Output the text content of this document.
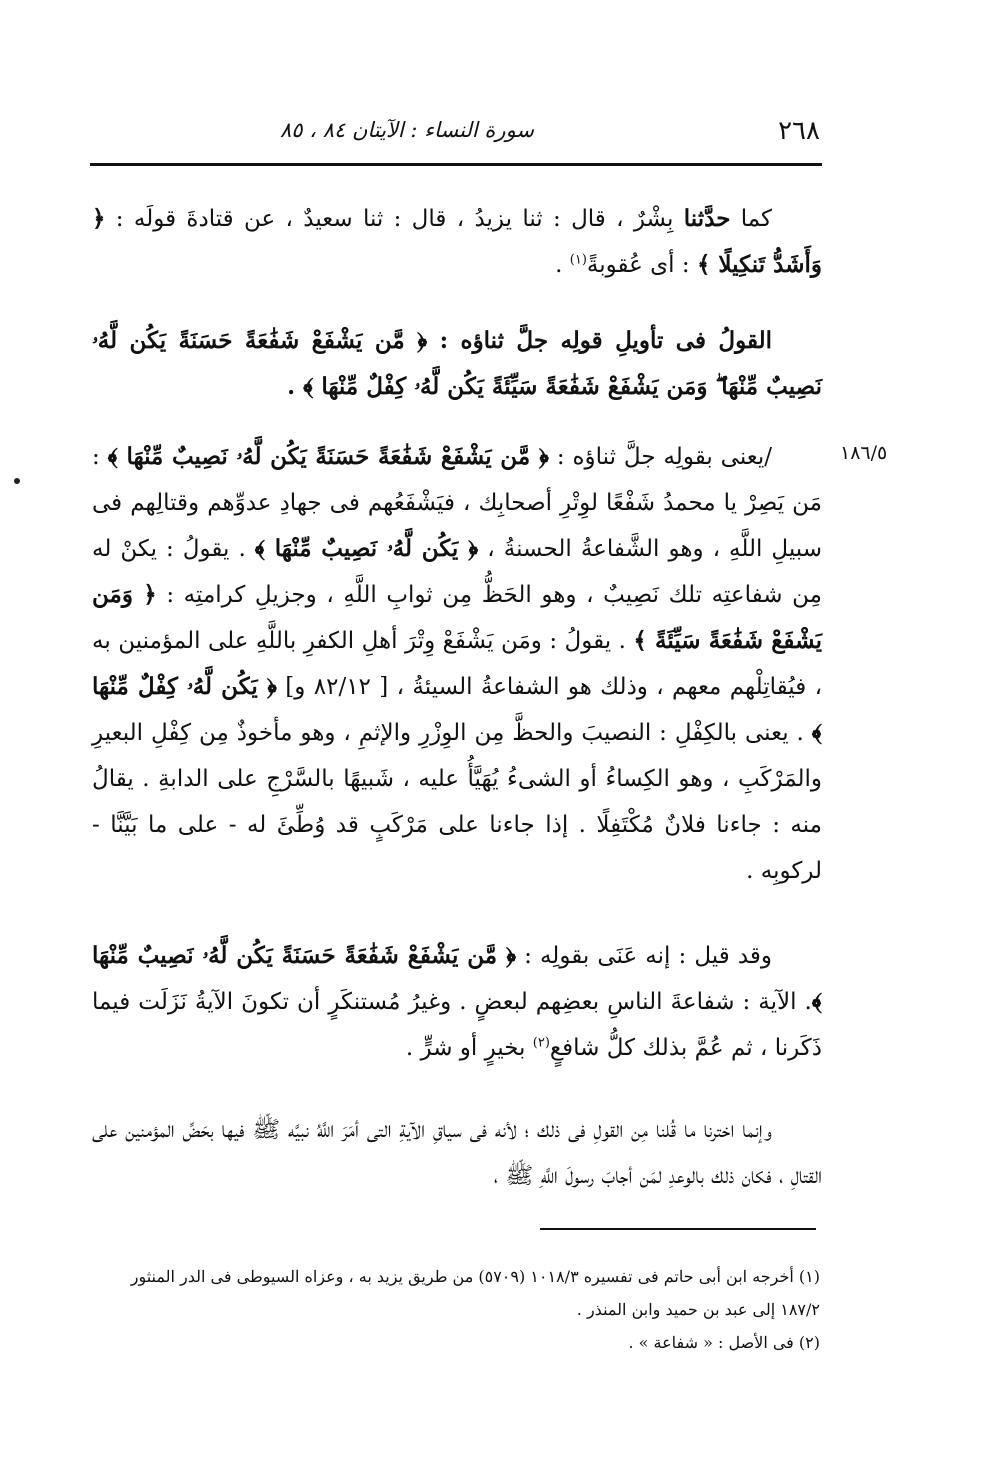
٢٦٨
سورة النساء : الآيتان ٨٤ ، ٨٥
١٨٦/٥

كما حدَّثنا بِشْرٌ ، قال : ثنا يزيدُ ، قال : ثنا سعيدٌ ، عن قتادةَ قولَه : ﴿ وَأَشَدُّ تَنكِيلًا ﴾ : أى عُقوبةً$^{(١)}$ .

القولُ فى تأويلِ قولِه جلَّ ثناؤه : ﴿ مَّن يَشْفَعْ شَفَٰعَةً حَسَنَةً يَكُن لَّهُۥ نَصِيبٌ مِّنْهَا ۖ وَمَن يَشْفَعْ شَفَٰعَةً سَيِّئَةً يَكُن لَّهُۥ كِفْلٌ مِّنْهَا ﴾ .

/يعنى بقولِه جلَّ ثناؤه : ﴿ مَّن يَشْفَعْ شَفَٰعَةً حَسَنَةً يَكُن لَّهُۥ نَصِيبٌ مِّنْهَا ﴾ : مَن يَصِرْ يا محمدُ شَفْعًا لوِتْرِ أصحابِك ، فيَشْفَعُهم فى جهادِ عدوِّهم وقتالِهم فى سبيلِ اللَّهِ ، وهو الشَّفاعةُ الحسنةُ ، ﴿ يَكُن لَّهُۥ نَصِيبٌ مِّنْهَا ﴾ . يقولُ : يكنْ له مِن شفاعتِه تلك نَصِيبٌ ، وهو الحَظُّ مِن ثوابِ اللَّهِ ، وجزيلِ كرامتِه : ﴿ وَمَن يَشْفَعْ شَفَٰعَةً سَيِّئَةً ﴾ . يقولُ : ومَن يَشْفَعْ وِتْرَ أهلِ الكفرِ باللَّهِ على المؤمنين به ، فيُقاتِلْهم معهم ، وذلك هو الشفاعةُ السيئةُ ، [ ٨٢/١٢ و] ﴿ يَكُن لَّهُۥ كِفْلٌ مِّنْهَا ﴾ . يعنى بالكِفْلِ : النصيبَ والحظَّ مِن الوِزْرِ والإثمِ ، وهو مأخوذٌ مِن كِفْلِ البعيرِ والمَرْكَبِ ، وهو الكِساءُ أو الشىءُ يُهَيَّأُ عليه ، شَبيهًا بالسَّرْجِ على الدابةِ . يقالُ منه : جاءنا فلانٌ مُكْتَفِلًا . إذا جاءنا على مَرْكَبٍ قد وُطِّئَ له - على ما بَيَّنَّا - لركوبِه .

وقد قيل : إنه عَنَى بقولِه : ﴿ مَّن يَشْفَعْ شَفَٰعَةً حَسَنَةً يَكُن لَّهُۥ نَصِيبٌ مِّنْهَا ﴾. الآية : شفاعةَ الناسِ بعضِهم لبعضٍ . وغيرُ مُستنكَرٍ أن تكونَ الآيةُ نَزَلَت فيما ذَكَرنا ، ثم عُمَّ بذلك كلُّ شافعٍ$^{(٢)}$ بخيرٍ أو شرٍّ .

وإنما اخترنا ما قُلنا مِن القولِ فى ذلك ؛ لأنه فى سياقِ الآيةِ التى أمَرَ اللَّهُ نبيَّه ﷺ فيها بحَضِّ المؤمنين على القتالِ ، فكان ذلك بالوعدِ لمَن أجابَ رسولَ اللَّهِ ﷺ ،

(١) أخرجه ابن أبى حاتم فى تفسيره ١٠١٨/٣ (٥٧٠٩) من طريق يزيد به ، وعزاه السيوطى فى الدر المنثور ١٨٧/٢ إلى عبد بن حميد وابن المنذر .

(٢) فى الأصل : « شفاعة » .
